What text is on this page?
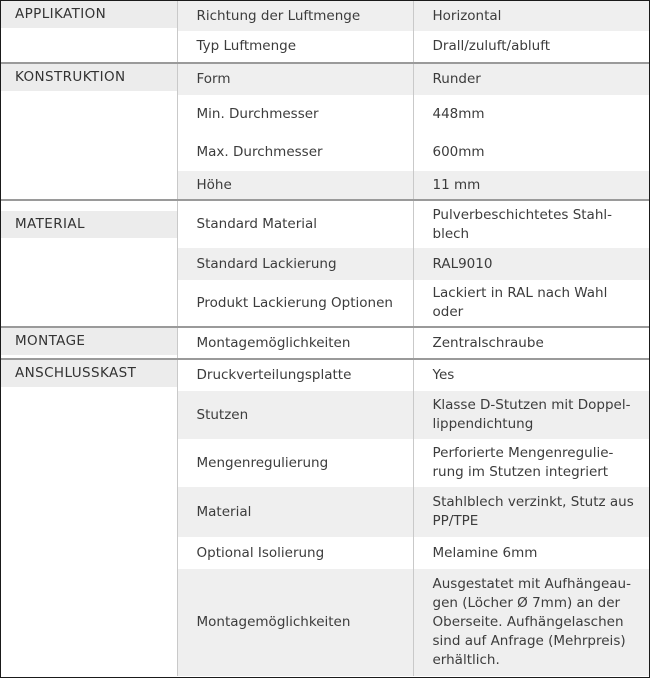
APPLIKATION	Richtung der Luftmenge	Horizontal
	Typ Luftmenge	Drall/zuluft/abluft

KONSTRUKTION	Form	Runder
	Min. Durchmesser	448mm
	Max. Durchmesser	600mm
	Höhe	11 mm

MATERIAL	Standard Material	Pulverbeschichtetes Stahl-blech
	Standard Lackierung	RAL9010
	Produkt Lackierung Optionen	Lackiert in RAL nach Wahl oder

MONTAGE	Montagemöglichkeiten	Zentralschraube

ANSCHLUSSKAST	Druckverteilungsplatte	Yes
	Stutzen	Klasse D-Stutzen mit Doppel-lippendichtung
	Mengenregulierung	Perforierte Mengenregulie-rung im Stutzen integriert
	Material	Stahlblech verzinkt, Stutz aus PP/TPE
	Optional Isolierung	Melamine 6mm
	Montagemöglichkeiten	Ausgestatet mit Aufhängeau-gen (Löcher Ø 7mm) an der Oberseite. Aufhängelaschen sind auf Anfrage (Mehrpreis) erhältlich.
